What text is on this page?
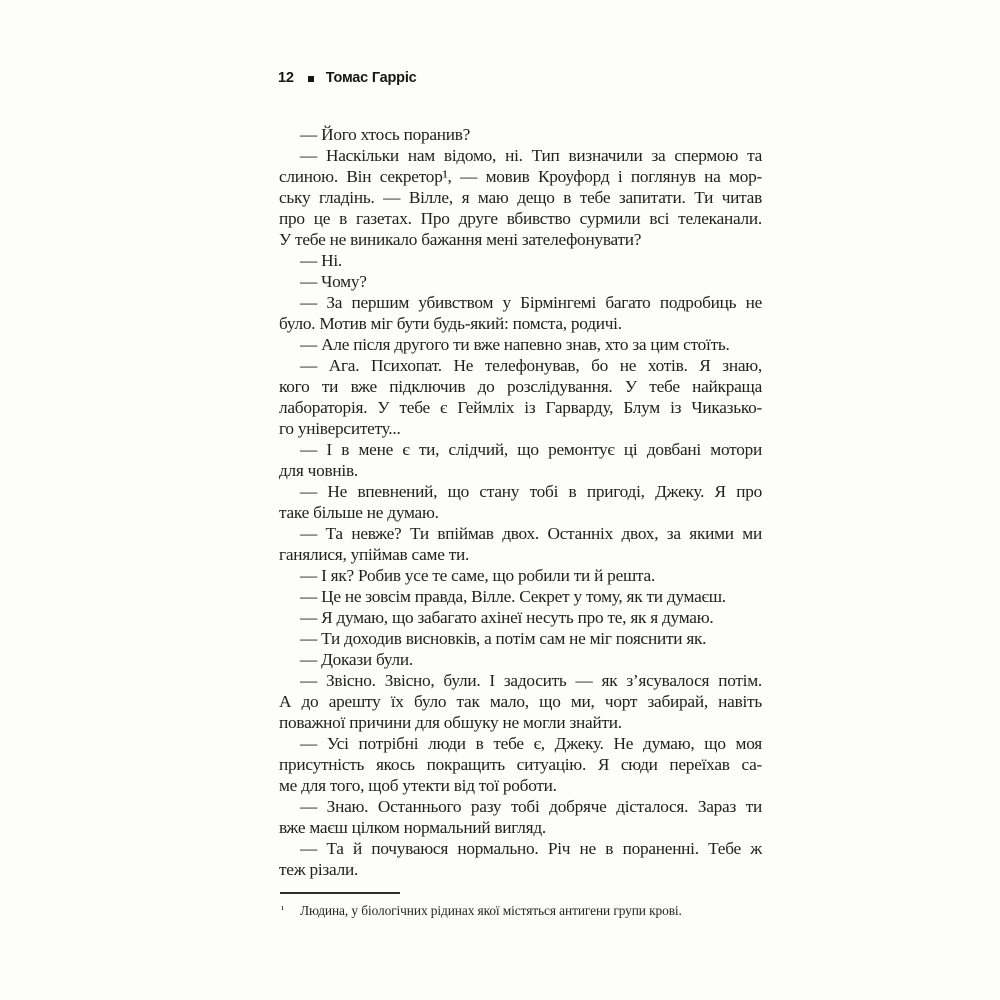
12 Томас Гарріс
— Його хтось поранив?
— Наскільки нам відомо, ні. Тип визначили за спермою та
слиною. Він секретор¹, — мовив Кроуфорд і поглянув на мор-
ську гладінь. — Вілле, я маю дещо в тебе запитати. Ти читав
про це в газетах. Про друге вбивство сурмили всі телеканали.
У тебе не виникало бажання мені зателефонувати?
— Ні.
— Чому?
— За першим убивством у Бірмінгемі багато подробиць не
було. Мотив міг бути будь-який: помста, родичі.
— Але після другого ти вже напевно знав, хто за цим стоїть.
— Ага. Психопат. Не телефонував, бо не хотів. Я знаю,
кого ти вже підключив до розслідування. У тебе найкраща
лабораторія. У тебе є Геймліх із Гарварду, Блум із Чиказько-
го університету...
— І в мене є ти, слідчий, що ремонтує ці довбані мотори
для човнів.
— Не впевнений, що стану тобі в пригоді, Джеку. Я про
таке більше не думаю.
— Та невже? Ти впіймав двох. Останніх двох, за якими ми
ганялися, упіймав саме ти.
— І як? Робив усе те саме, що робили ти й решта.
— Це не зовсім правда, Вілле. Секрет у тому, як ти думаєш.
— Я думаю, що забагато ахінеї несуть про те, як я думаю.
— Ти доходив висновків, а потім сам не міг пояснити як.
— Докази були.
— Звісно. Звісно, були. І задосить — як з’ясувалося потім.
А до арешту їх було так мало, що ми, чорт забирай, навіть
поважної причини для обшуку не могли знайти.
— Усі потрібні люди в тебе є, Джеку. Не думаю, що моя
присутність якось покращить ситуацію. Я сюди переїхав са-
ме для того, щоб утекти від тої роботи.
— Знаю. Останнього разу тобі добряче дісталося. Зараз ти
вже маєш цілком нормальний вигляд.
— Та й почуваюся нормально. Річ не в пораненні. Тебе ж
теж різали.
¹	Людина, у біологічних рідинах якої містяться антигени групи крові.
